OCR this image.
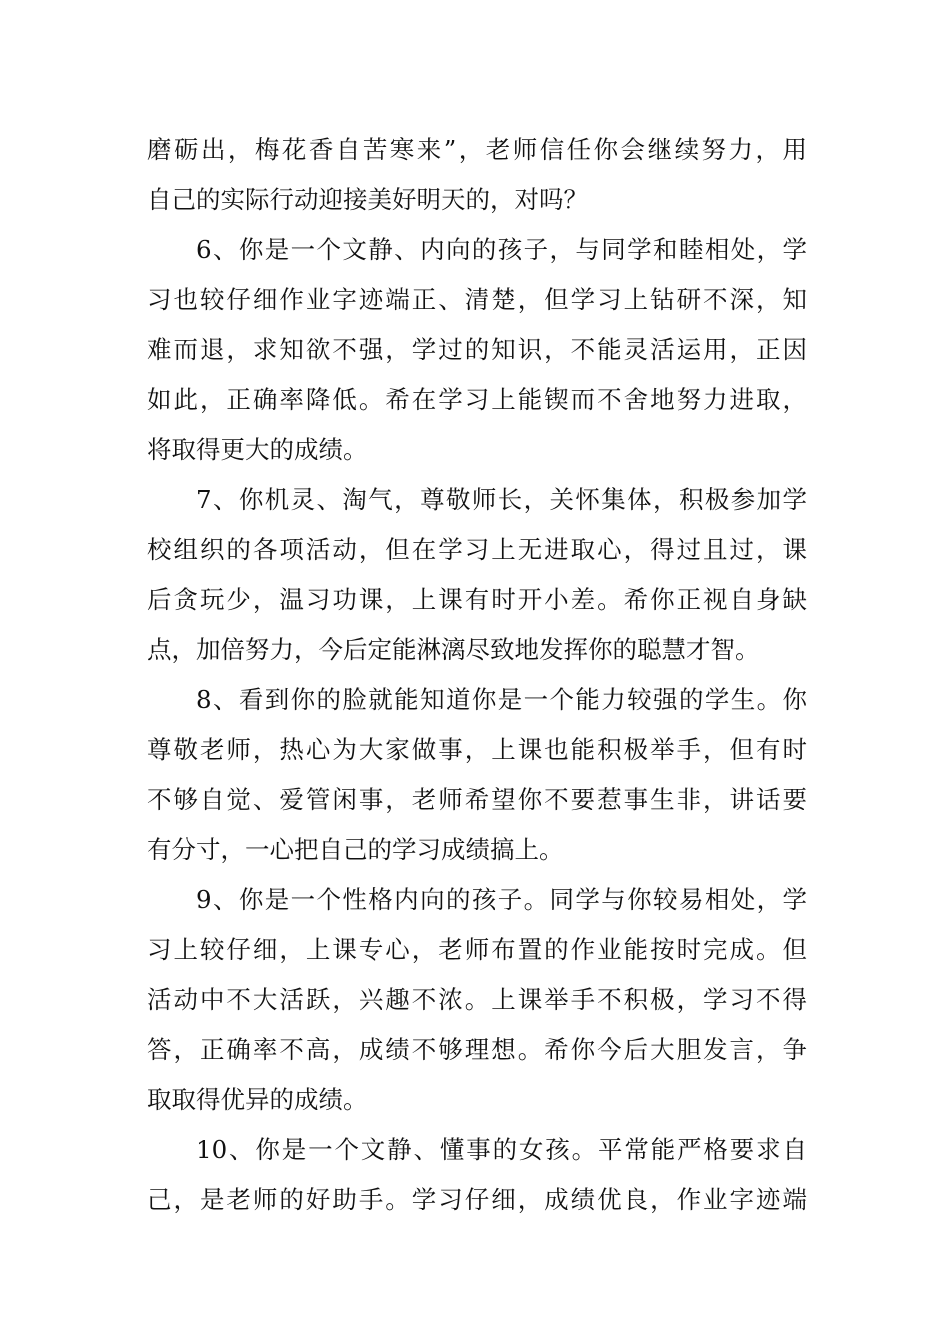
磨砺出，梅花香自苦寒来”，老师信任你会继续努力，用
自己的实际行动迎接美好明天的，对吗？
6、你是一个文静、内向的孩子，与同学和睦相处，学
习也较仔细作业字迹端正、清楚，但学习上钻研不深，知
难而退，求知欲不强，学过的知识，不能灵活运用，正因
如此，正确率降低。希在学习上能锲而不舍地努力进取，
将取得更大的成绩。
7、你机灵、淘气，尊敬师长，关怀集体，积极参加学
校组织的各项活动，但在学习上无进取心，得过且过，课
后贪玩少，温习功课，上课有时开小差。希你正视自身缺
点，加倍努力，今后定能淋漓尽致地发挥你的聪慧才智。
8、看到你的脸就能知道你是一个能力较强的学生。你
尊敬老师，热心为大家做事，上课也能积极举手，但有时
不够自觉、爱管闲事，老师希望你不要惹事生非，讲话要
有分寸，一心把自己的学习成绩搞上。
9、你是一个性格内向的孩子。同学与你较易相处，学
习上较仔细，上课专心，老师布置的作业能按时完成。但
活动中不大活跃，兴趣不浓。上课举手不积极，学习不得
答，正确率不高，成绩不够理想。希你今后大胆发言，争
取取得优异的成绩。
10、你是一个文静、懂事的女孩。平常能严格要求自
己，是老师的好助手。学习仔细，成绩优良，作业字迹端
